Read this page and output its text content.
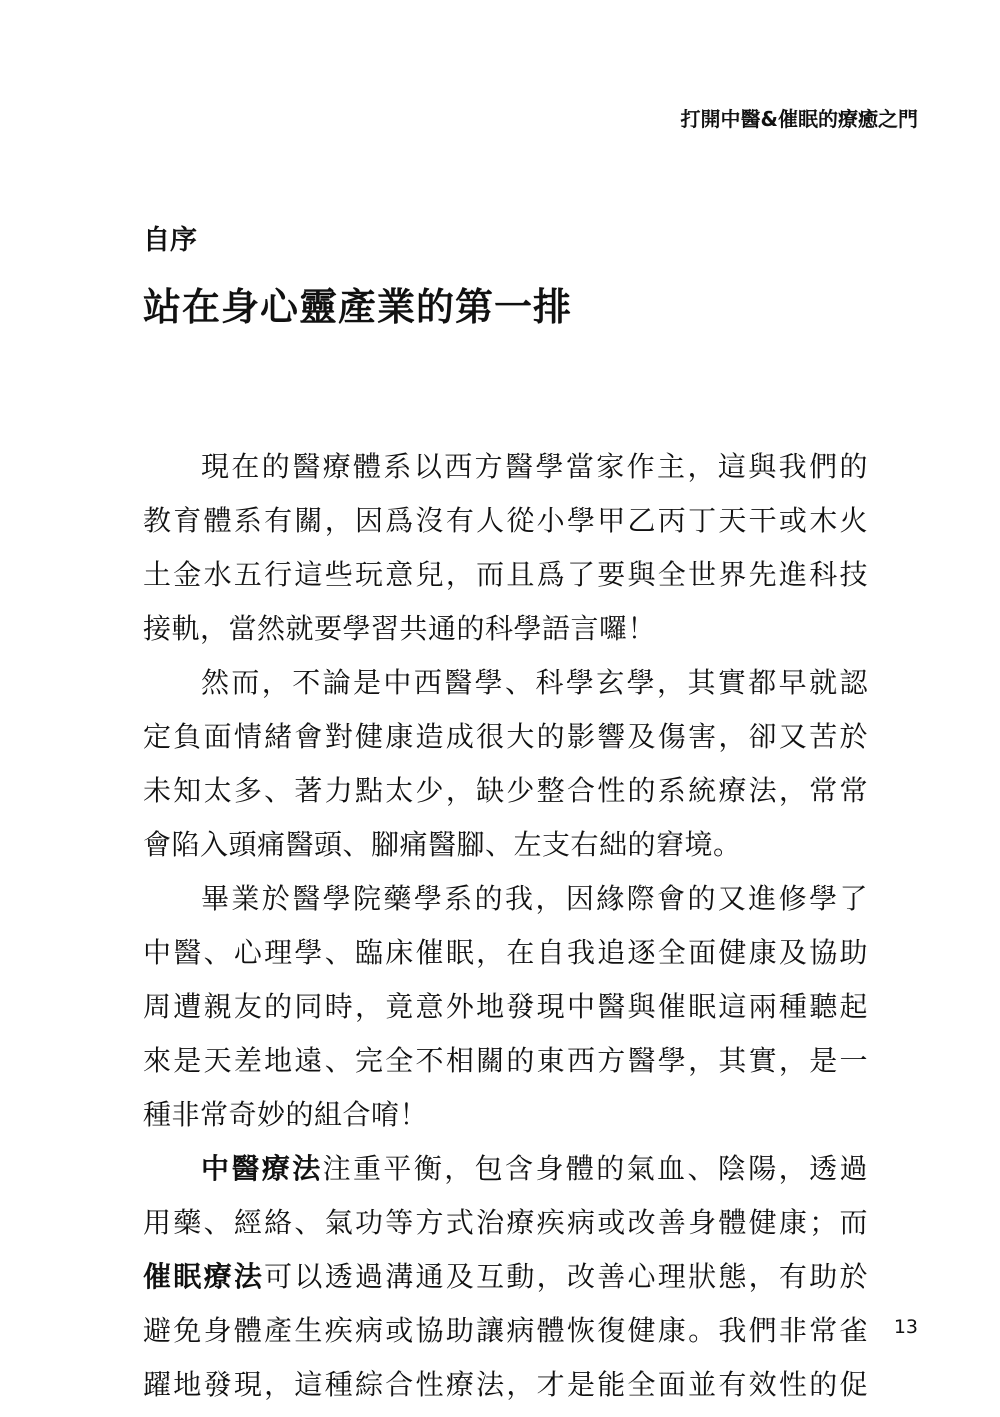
打開中醫&催眠的療癒之門
自序
站在身心靈產業的第一排
現在的醫療體系以西方醫學當家作主，這與我們的
教育體系有關，因爲沒有人從小學甲乙丙丁天干或木火
土金水五行這些玩意兒，而且爲了要與全世界先進科技
接軌，當然就要學習共通的科學語言囉！
然而，不論是中西醫學、科學玄學，其實都早就認
定負面情緒會對健康造成很大的影響及傷害，卻又苦於
未知太多、著力點太少，缺少整合性的系統療法，常常
會陷入頭痛醫頭、腳痛醫腳、左支右絀的窘境。
畢業於醫學院藥學系的我，因緣際會的又進修學了
中醫、心理學、臨床催眠，在自我追逐全面健康及協助
周遭親友的同時，竟意外地發現中醫與催眠這兩種聽起
來是天差地遠、完全不相關的東西方醫學，其實，是一
種非常奇妙的組合唷！
中醫療法注重平衡，包含身體的氣血、陰陽，透過
用藥、經絡、氣功等方式治療疾病或改善身體健康；而
催眠療法可以透過溝通及互動，改善心理狀態，有助於
避免身體產生疾病或協助讓病體恢復健康。我們非常雀
躍地發現，這種綜合性療法，才是能全面並有效性的促
13
